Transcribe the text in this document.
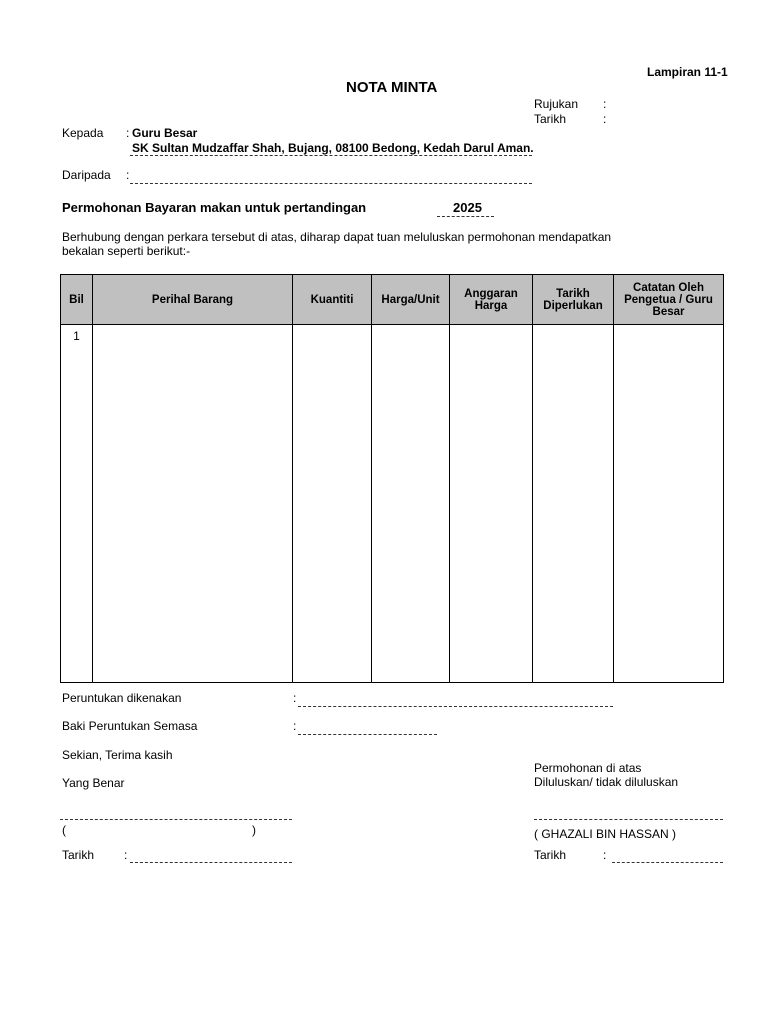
Lampiran 11-1
NOTA MINTA
Rujukan :
Tarikh	:
Kepada : Guru Besar
SK Sultan Mudzaffar Shah, Bujang, 08100 Bedong, Kedah Darul Aman.
Daripada :
Permohonan Bayaran makan untuk pertandingan	2025
Berhubung dengan perkara tersebut di atas, diharap dapat tuan meluluskan permohonan mendapatkan
bekalan seperti berikut:-
Bil	Perihal Barang	Kuantiti	Harga/Unit	Anggaran Harga	Tarikh Diperlukan	Catatan Oleh Pengetua / Guru Besar
1						
Peruntukan dikenakan	:
Baki Peruntukan Semasa	:
Sekian, Terima kasih
Yang Benar
(	)
Tarikh :
Permohonan di atas
Diluluskan/ tidak diluluskan
( GHAZALI BIN HASSAN )
Tarikh	:
